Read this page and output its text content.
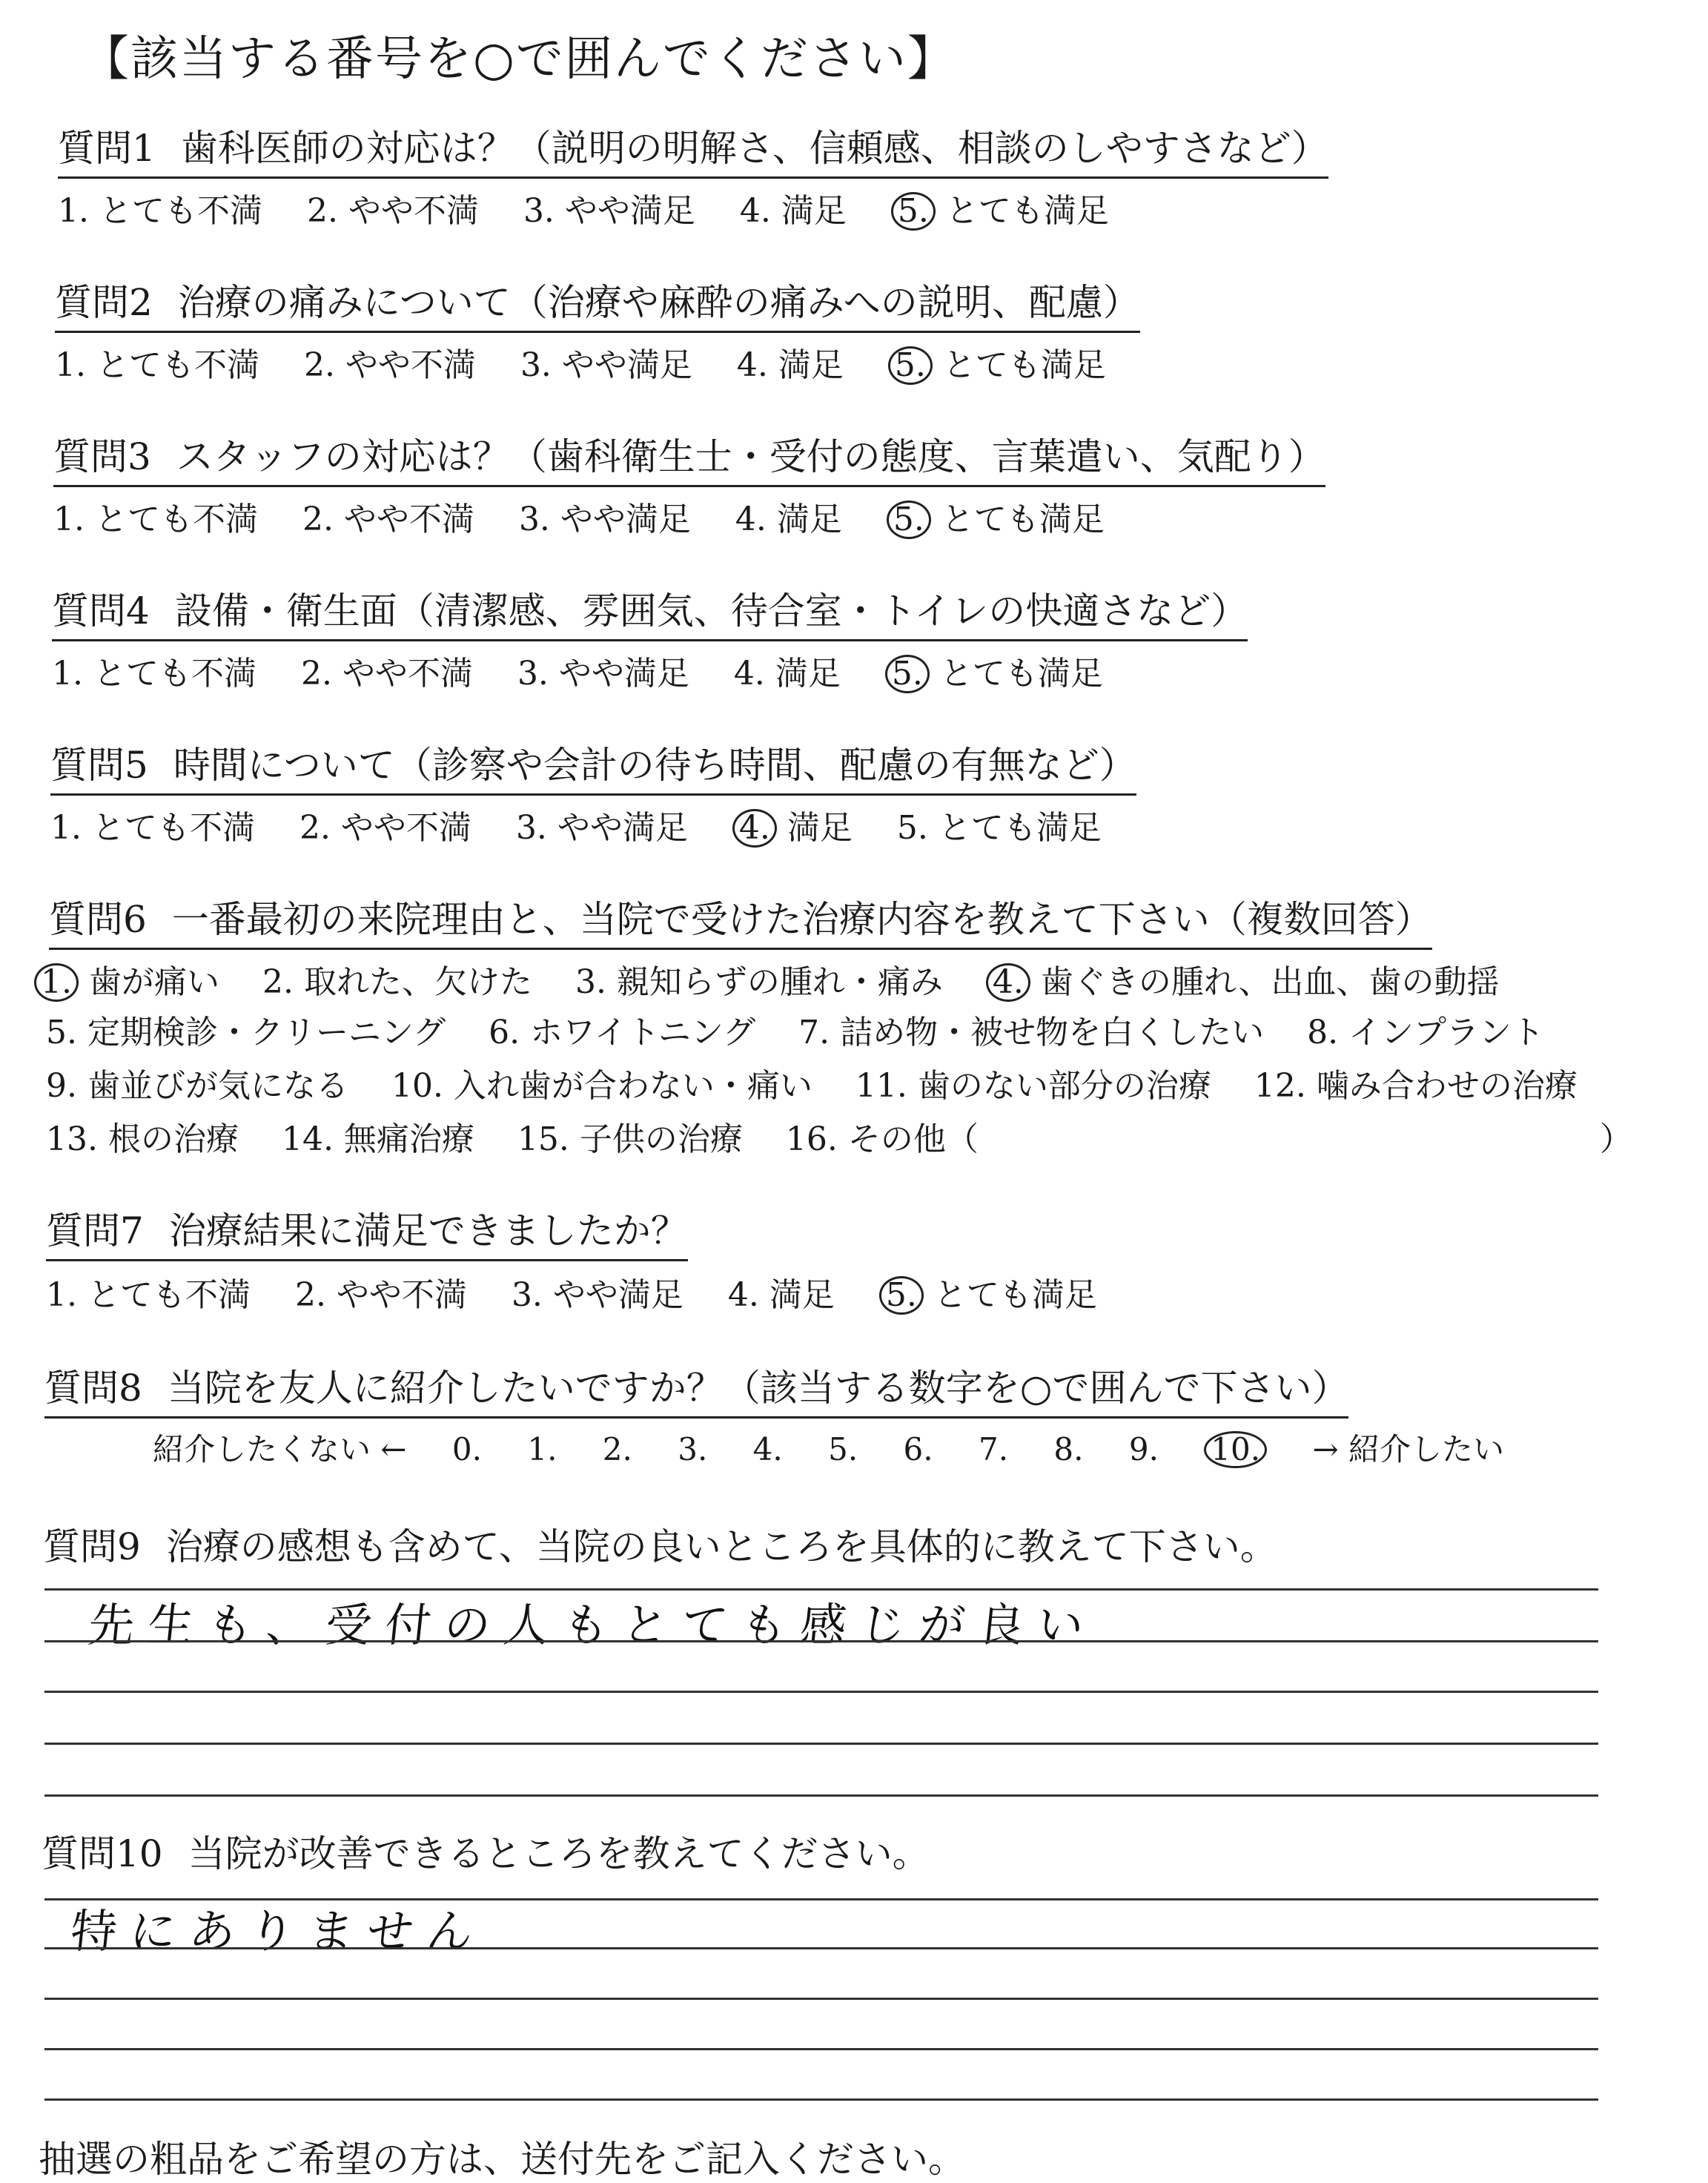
【該当する番号を○で囲んでください】
質問1 歯科医師の対応は？（説明の明解さ、信頼感、相談のしやすさなど）
1. とても不満 2. やや不満 3. やや満足 4. 満足 5. とても満足
質問2 治療の痛みについて（治療や麻酔の痛みへの説明、配慮）
1. とても不満 2. やや不満 3. やや満足 4. 満足 5. とても満足
質問3 スタッフの対応は？（歯科衛生士・受付の態度、言葉遣い、気配り）
1. とても不満 2. やや不満 3. やや満足 4. 満足 5. とても満足
質問4 設備・衛生面（清潔感、雰囲気、待合室・トイレの快適さなど）
1. とても不満 2. やや不満 3. やや満足 4. 満足 5. とても満足
質問5 時間について（診察や会計の待ち時間、配慮の有無など）
1. とても不満 2. やや不満 3. やや満足 4. 満足 5. とても満足
質問6 一番最初の来院理由と、当院で受けた治療内容を教えて下さい（複数回答）
1. 歯が痛い 2. 取れた、欠けた 3. 親知らずの腫れ・痛み 4. 歯ぐきの腫れ、出血、歯の動揺
5. 定期検診・クリーニング 6. ホワイトニング 7. 詰め物・被せ物を白くしたい 8. インプラント
9. 歯並びが気になる 10. 入れ歯が合わない・痛い 11. 歯のない部分の治療 12. 噛み合わせの治療
13. 根の治療 14. 無痛治療 15. 子供の治療 16. その他（	）
質問7 治療結果に満足できましたか？
1. とても不満 2. やや不満 3. やや満足 4. 満足 5. とても満足
質問8 当院を友人に紹介したいですか？（該当する数字を○で囲んで下さい）
紹介したくない ← 0. 1. 2. 3. 4. 5. 6. 7. 8. 9. 10. → 紹介したい
質問9 治療の感想も含めて、当院の良いところを具体的に教えて下さい。
先生も、受付の人もとても感じが良い
質問10 当院が改善できるところを教えてください。
特にありません
抽選の粗品をご希望の方は、送付先をご記入ください。
